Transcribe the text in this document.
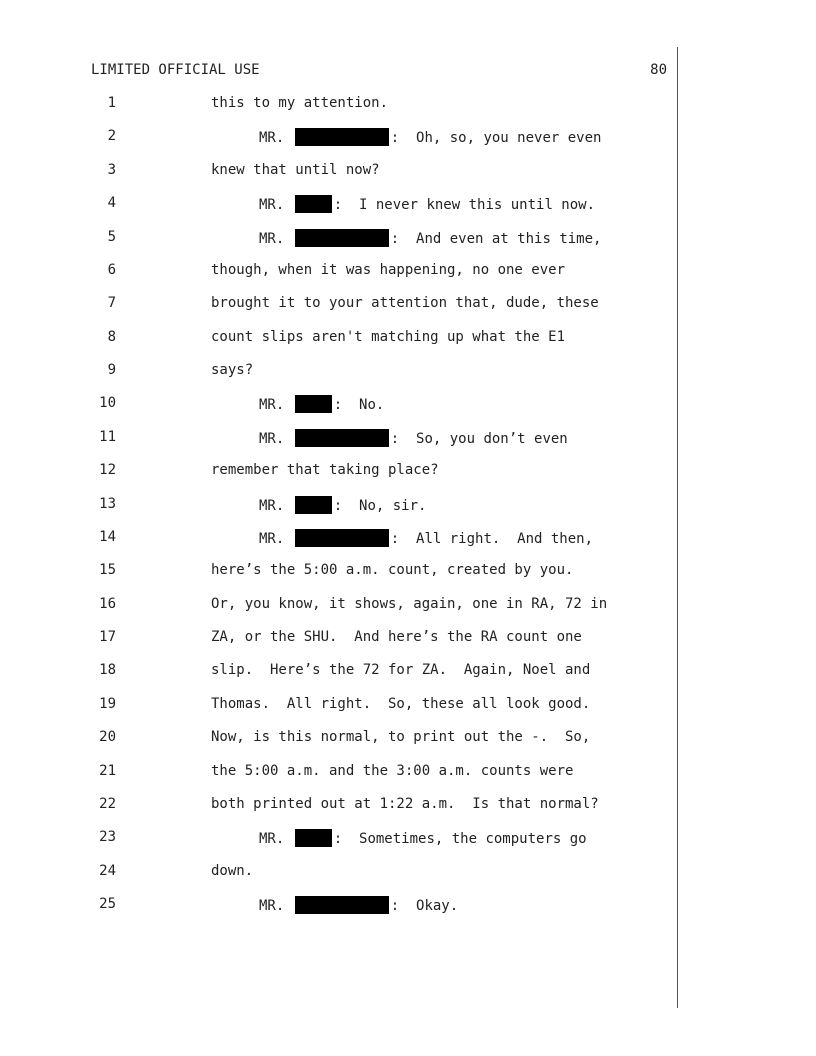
LIMITED OFFICIAL USE	80
1	this to my attention.
2	MR.	:  Oh, so, you never even
3	knew that until now?
4	MR.	:  I never knew this until now.
5	MR.	:  And even at this time,
6	though, when it was happening, no one ever
7	brought it to your attention that, dude, these
8	count slips aren't matching up what the E1
9	says?
10	MR.	:  No.
11	MR.	:  So, you don’t even
12	remember that taking place?
13	MR.	:  No, sir.
14	MR.	:  All right.  And then,
15	here’s the 5:00 a.m. count, created by you.
16	Or, you know, it shows, again, one in RA, 72 in
17	ZA, or the SHU.  And here’s the RA count one
18	slip.  Here’s the 72 for ZA.  Again, Noel and
19	Thomas.  All right.  So, these all look good.
20	Now, is this normal, to print out the -.  So,
21	the 5:00 a.m. and the 3:00 a.m. counts were
22	both printed out at 1:22 a.m.  Is that normal?
23	MR.	:  Sometimes, the computers go
24	down.
25	MR.	:  Okay.
